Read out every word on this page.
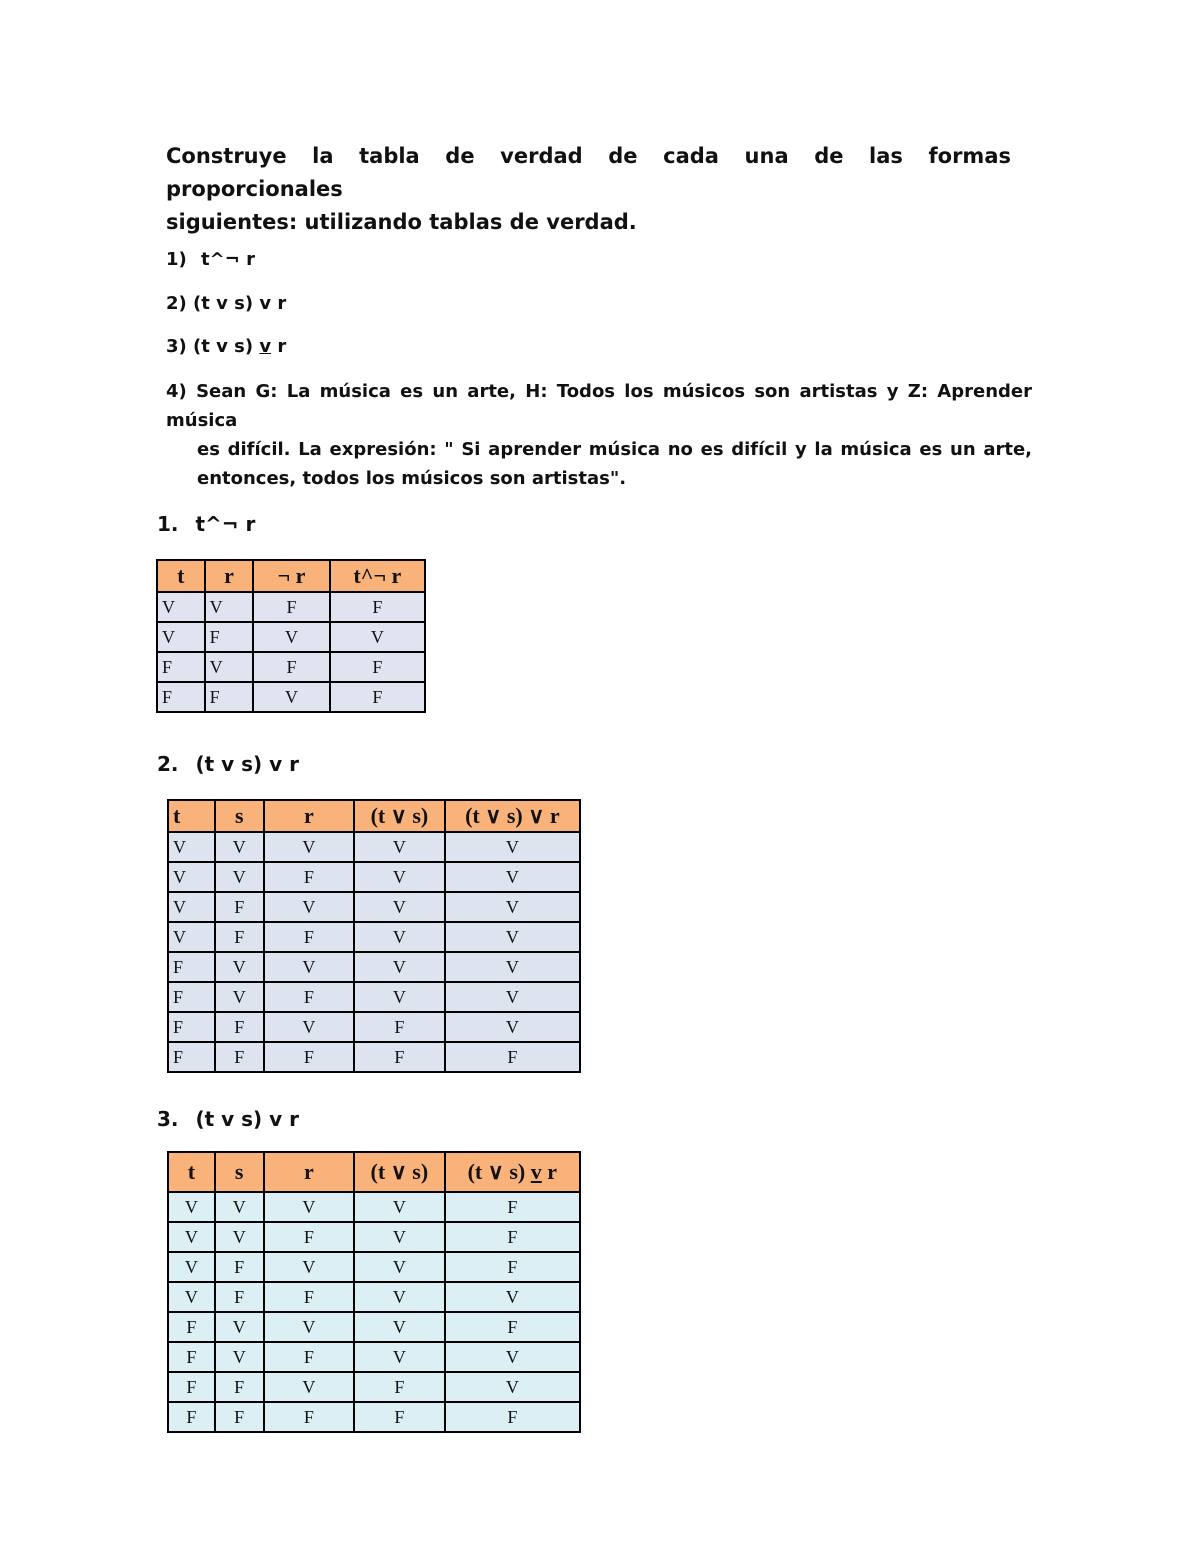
Construye la tabla de verdad de cada una de las formas proporcionales

siguientes: utilizando tablas de verdad.

1) t^¬ r
2) (t v s) v r
3) (t v s) v r
4) Sean G: La música es un arte, H: Todos los músicos son artistas y Z: Aprender música
es difícil. La expresión: " Si aprender música no es difícil y la música es un arte, entonces, todos los músicos son artistas".
1. t^¬ r
t	r	¬ r	t^¬ r
V	V	F	F
V	F	V	V
F	V	F	F
F	F	V	F
2. (t v s) v r
t	s	r	(t ∨ s)	(t ∨ s) ∨ r
V	V	V	V	V
V	V	F	V	V
V	F	V	V	V
V	F	F	V	V
F	V	V	V	V
F	V	F	V	V
F	F	V	F	V
F	F	F	F	F
3. (t v s) v r
t	s	r	(t ∨ s)	(t ∨ s) v r
V	V	V	V	F
V	V	F	V	F
V	F	V	V	F
V	F	F	V	V
F	V	V	V	F
F	V	F	V	V
F	F	V	F	V
F	F	F	F	F
